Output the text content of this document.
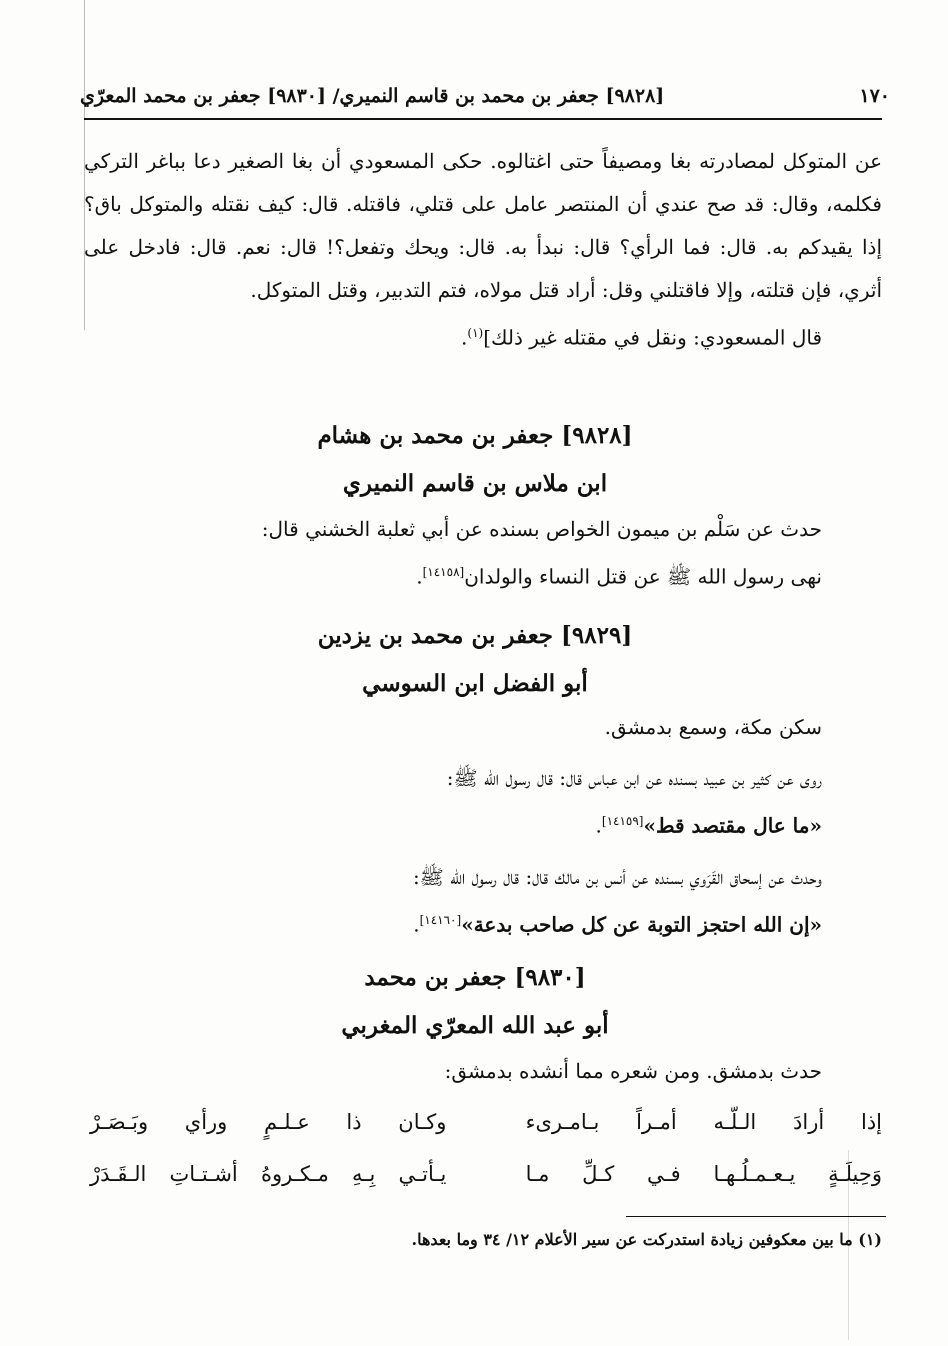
١٧٠
[٩٨٢٨] جعفر بن محمد بن قاسم النميري/ [٩٨٣٠] جعفر بن محمد المعرّي

عن المتوكل لمصادرته بغا ومصيفاً حتى اغتالوه. حكى المسعودي أن بغا الصغير دعا بباغر التركي فكلمه، وقال: قد صح عندي أن المنتصر عامل على قتلي، فاقتله. قال: كيف نقتله والمتوكل باق؟ إذا يقيدكم به. قال: فما الرأي؟ قال: نبدأ به. قال: ويحك وتفعل؟! قال: نعم. قال: فادخل على أثري، فإن قتلته، وإلا فاقتلني وقل: أراد قتل مولاه، فتم التدبير، وقتل المتوكل.

قال المسعودي: ونقل في مقتله غير ذلك]$^{(١)}$.

[٩٨٢٨] جعفر بن محمد بن هشام
ابن ملاس بن قاسم النميري

حدث عن سَلْم بن ميمون الخواص بسنده عن أبي ثعلبة الخشني قال:

نهى رسول الله ﷺ عن قتل النساء والولدان[١٤١٥٨].

[٩٨٢٩] جعفر بن محمد بن يزدين
أبو الفضل ابن السوسي

سكن مكة، وسمع بدمشق.

روى عن كثير بن عبيد بسنده عن ابن عباس قال: قال رسول الله ﷺ:

«ما عال مقتصد قط»[١٤١٥٩].

وحدث عن إسحاق القَرَوي بسنده عن أنس بن مالك قال: قال رسول الله ﷺ:

«إن الله احتجز التوبة عن كل صاحب بدعة»[١٤١٦٠].

[٩٨٣٠] جعفر بن محمد
أبو عبد الله المعرّي المغربي

حدث بدمشق. ومن شعره مما أنشده بدمشق:

إذا أرادَ الـلّـه أمـراً بـامـرىء
وكـان ذا عـلـمٍ ورأي وبَـصَـرْ
وَحِيلَـةٍ يـعـمـلُـهـا فـي كـلِّ مـا
يـأتـي بِـهِ مـكـروهُ أشـتـاتِ الـقَـدَرْ
(١) ما بين معكوفين زيادة استدركت عن سير الأعلام ١٢/ ٣٤ وما بعدها.
